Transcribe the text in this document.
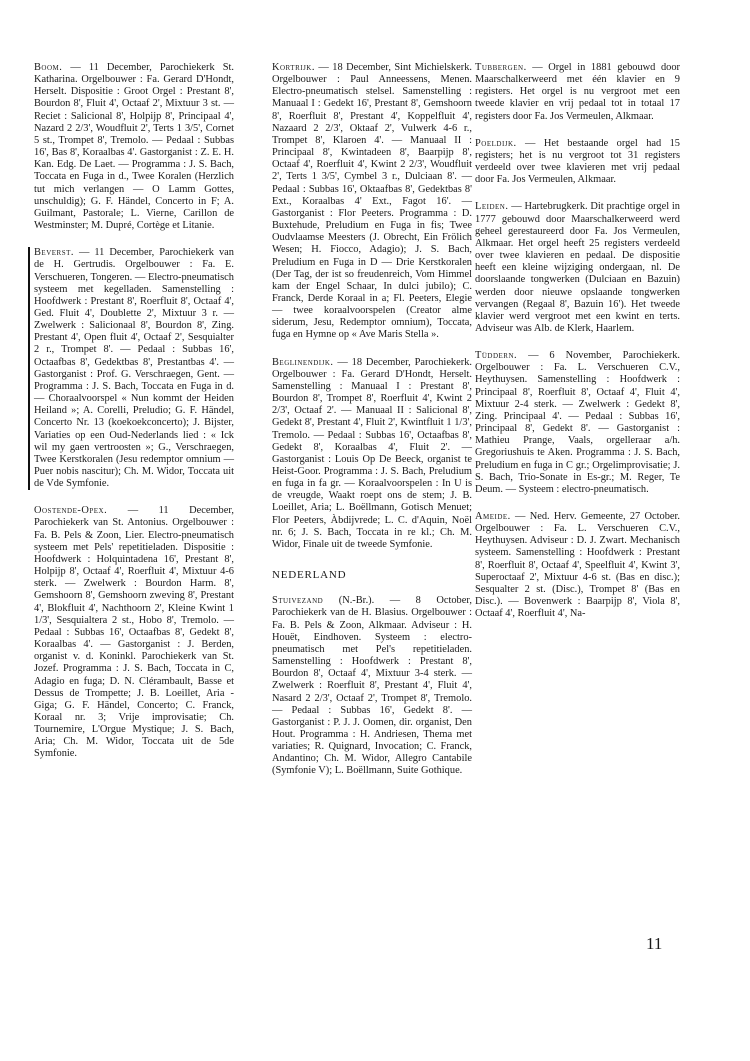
Boom. — 11 December, Parochiekerk St. Katharina. Orgelbouwer : Fa. Gerard D'Hondt, Herselt. Dispositie : Groot Orgel : Prestant 8', Bourdon 8', Fluit 4', Octaaf 2', Mixtuur 3 st. — Reciet : Salicional 8', Holpijp 8', Principaal 4', Nazard 2 2/3', Woudfluit 2', Terts 1 3/5', Cornet 5 st., Trompet 8', Tremolo. — Pedaal : Subbas 16', Bas 8', Koraalbas 4'. Gastorganist : Z. E. H. Kan. Edg. De Laet. — Programma : J. S. Bach, Toccata en Fuga in d., Twee Koralen (Herzlich tut mich verlangen — O Lamm Gottes, unschuldig); G. F. Händel, Concerto in F; A. Guilmant, Pastorale; L. Vierne, Carillon de Westminster; M. Dupré, Cortège et Litanie.

Beverst. — 11 December, Parochiekerk van de H. Gertrudis. Orgelbouwer : Fa. E. Verschueren, Tongeren. — Electro-pneumatisch systeem met kegelladen. Samenstelling : Hoofdwerk : Prestant 8', Roerfluit 8', Octaaf 4', Ged. Fluit 4', Doublette 2', Mixtuur 3 r. — Zwelwerk : Salicionaal 8', Bourdon 8', Zing. Prestant 4', Open fluit 4', Octaaf 2', Sesquialter 2 r., Trompet 8'. — Pedaal : Subbas 16', Octaafbas 8', Gedektbas 8', Prestantbas 4'. — Gastorganist : Prof. G. Verschraegen, Gent. — Programma : J. S. Bach, Toccata en Fuga in d. — Choraalvoorspel « Nun kommt der Heiden Heiland »; A. Corelli, Preludio; G. F. Händel, Concerto Nr. 13 (koekoekconcerto); J. Bijster, Variaties op een Oud-Nederlands lied : « Ick wil my gaen vertroosten »; G., Verschraegen, Twee Kerstkoralen (Jesu redemptor omnium — Puer nobis nascitur); Ch. M. Widor, Toccata uit de Vde Symfonie.

Oostende-Opex. — 11 December, Parochiekerk van St. Antonius. Orgelbouwer : Fa. B. Pels & Zoon, Lier. Electro-pneumatisch systeem met Pels' repetitieladen. Dispositie : Hoofdwerk : Holquintadena 16', Prestant 8', Holpijp 8', Octaaf 4', Roerfluit 4', Mixtuur 4-6 sterk. — Zwelwerk : Bourdon Harm. 8', Gemshoorn 8', Gemshoorn zweving 8', Prestant 4', Blokfluit 4', Nachthoorn 2', Kleine Kwint 1 1/3', Sesquialtera 2 st., Hobo 8', Tremolo. — Pedaal : Subbas 16', Octaafbas 8', Gedekt 8', Koraalbas 4'. — Gastorganist : J. Berden, organist v. d. Koninkl. Parochiekerk van St. Jozef. Programma : J. S. Bach, Toccata in C, Adagio en fuga; D. N. Clérambault, Basse et Dessus de Trompette; J. B. Loeillet, Aria - Giga; G. F. Händel, Concerto; C. Franck, Koraal nr. 3; Vrije improvisatie; Ch. Tournemire, L'Orgue Mystique; J. S. Bach, Aria; Ch. M. Widor, Toccata uit de 5de Symfonie.

Kortrijk. — 18 December, Sint Michielskerk. Orgelbouwer : Paul Anneessens, Menen. Electro-pneumatisch stelsel. Samenstelling : Manuaal I : Gedekt 16', Prestant 8', Gemshoorn 8', Roerfluit 8', Prestant 4', Koppelfluit 4', Nazaard 2 2/3', Oktaaf 2', Vulwerk 4-6 r., Trompet 8', Klaroen 4'. — Manuaal II : Principaal 8', Kwintadeen 8', Baarpijp 8', Octaaf 4', Roerfluit 4', Kwint 2 2/3', Woudfluit 2', Terts 1 3/5', Cymbel 3 r., Dulciaan 8'. — Pedaal : Subbas 16', Oktaafbas 8', Gedektbas 8' Ext., Koraalbas 4' Ext., Fagot 16'. — Gastorganist : Flor Peeters. Programma : D. Buxtehude, Preludium en Fuga in fis; Twee Oudvlaamse Meesters (J. Obrecht, Ein Frölich Wesen; H. Fiocco, Adagio); J. S. Bach, Preludium en Fuga in D — Drie Kerstkoralen (Der Tag, der ist so freudenreich, Vom Himmel kam der Engel Schaar, In dulci jubilo); C. Franck, Derde Koraal in a; Fl. Peeters, Elegie — twee koraalvoorspelen (Creator alme siderum, Jesu, Redemptor omnium), Toccata, fuga en Hymne op « Ave Maris Stella ».

Beglinendijk. — 18 December, Parochiekerk. Orgelbouwer : Fa. Gerard D'Hondt, Herselt. Samenstelling : Manuaal I : Prestant 8', Bourdon 8', Trompet 8', Roerfluit 4', Kwint 2 2/3', Octaaf 2'. — Manuaal II : Salicional 8', Gedekt 8', Prestant 4', Fluit 2', Kwintfluit 1 1/3', Tremolo. — Pedaal : Subbas 16', Octaafbas 8', Gedekt 8', Koraalbas 4', Fluit 2'. — Gastorganist : Louis Op De Beeck, organist te Heist-Goor. Programma : J. S. Bach, Preludium en fuga in fa gr. — Koraalvoorspelen : In U is de vreugde, Waakt roept ons de stem; J. B. Loeillet, Aria; L. Boëllmann, Gotisch Menuet; Flor Peeters, Àbdijvrede; L. C. d'Aquin, Noël nr. 6; J. S. Bach, Toccata in re kl.; Ch. M. Widor, Finale uit de tweede Symfonie.

NEDERLAND

Stuivezand (N.-Br.). — 8 October, Parochiekerk van de H. Blasius. Orgelbouwer : Fa. B. Pels & Zoon, Alkmaar. Adviseur : H. Houët, Eindhoven. Systeem : electro-pneumatisch met Pel's repetitieladen. Samenstelling : Hoofdwerk : Prestant 8', Bourdon 8', Octaaf 4', Mixtuur 3-4 sterk. — Zwelwerk : Roerfluit 8', Prestant 4', Fluit 4', Nasard 2 2/3', Octaaf 2', Trompet 8', Tremolo. — Pedaal : Subbas 16', Gedekt 8'. — Gastorganist : P. J. J. Oomen, dir. organist, Den Hout. Programma : H. Andriesen, Thema met variaties; R. Quignard, Invocation; C. Franck, Andantino; Ch. M. Widor, Allegro Cantabile (Symfonie V); L. Boëllmann, Suite Gothique.

Tubbergen. — Orgel in 1881 gebouwd door Maarschalkerweerd met één klavier en 9 registers. Het orgel is nu vergroot met een tweede klavier en vrij pedaal tot in totaal 17 registers door Fa. Jos Vermeulen, Alkmaar.

Poeldijk. — Het bestaande orgel had 15 registers; het is nu vergroot tot 31 registers verdeeld over twee klavieren met vrij pedaal door Fa. Jos Vermeulen, Alkmaar.

Leiden. — Hartebrugkerk. Dit prachtige orgel in 1777 gebouwd door Maarschalkerweerd werd geheel gerestaureerd door Fa. Jos Vermeulen, Alkmaar. Het orgel heeft 25 registers verdeeld over twee klavieren en pedaal. De dispositie heeft een kleine wijziging ondergaan, nl. De doorslaande tongwerken (Dulciaan en Bazuin) werden door nieuwe opslaande tongwerken vervangen (Regaal 8', Bazuin 16'). Het tweede klavier werd vergroot met een kwint en terts. Adviseur was Alb. de Klerk, Haarlem.

Tüddern. — 6 November, Parochiekerk. Orgelbouwer : Fa. L. Verschueren C.V., Heythuysen. Samenstelling : Hoofdwerk : Principaal 8', Roerfluit 8', Octaaf 4', Fluit 4', Mixtuur 2-4 sterk. — Zwelwerk : Gedekt 8', Zing. Principaal 4'. — Pedaal : Subbas 16', Principaal 8', Gedekt 8'. — Gastorganist : Mathieu Prange, Vaals, orgelleraar a/h. Gregoriushuis te Aken. Programma : J. S. Bach, Preludium en fuga in C gr.; Orgelimprovisatie; J. S. Bach, Trio-Sonate in Es-gr.; M. Reger, Te Deum. — Systeem : electro-pneumatisch.

Ameide. — Ned. Herv. Gemeente, 27 October. Orgelbouwer : Fa. L. Verschueren C.V., Heythuysen. Adviseur : D. J. Zwart. Mechanisch systeem. Samenstelling : Hoofdwerk : Prestant 8', Roerfluit 8', Octaaf 4', Speelfluit 4', Kwint 3', Superoctaaf 2', Mixtuur 4-6 st. (Bas en disc.); Sesqualter 2 st. (Disc.), Trompet 8' (Bas en Disc.). — Bovenwerk : Baarpijp 8', Viola 8', Octaaf 4', Roerfluit 4', Na-

11
